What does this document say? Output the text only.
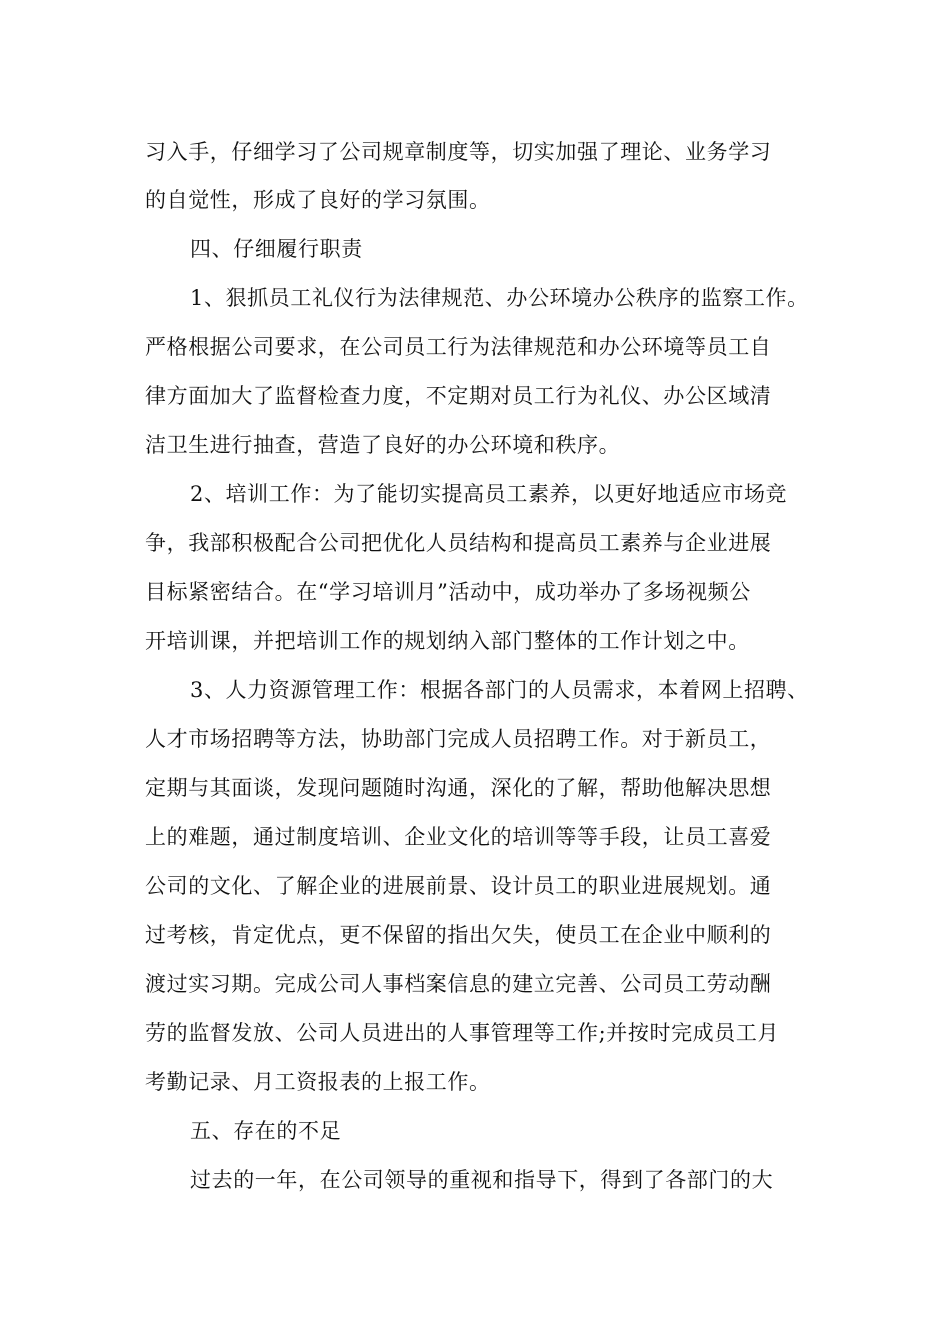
习入手，仔细学习了公司规章制度等，切实加强了理论、业务学习
的自觉性，形成了良好的学习氛围。
四、仔细履行职责
1、狠抓员工礼仪行为法律规范、办公环境办公秩序的监察工作。
严格根据公司要求，在公司员工行为法律规范和办公环境等员工自
律方面加大了监督检查力度，不定期对员工行为礼仪、办公区域清
洁卫生进行抽查，营造了良好的办公环境和秩序。
2、培训工作：为了能切实提高员工素养，以更好地适应市场竞
争，我部积极配合公司把优化人员结构和提高员工素养与企业进展
目标紧密结合。在“学习培训月”活动中，成功举办了多场视频公
开培训课，并把培训工作的规划纳入部门整体的工作计划之中。
3、人力资源管理工作：根据各部门的人员需求，本着网上招聘、
人才市场招聘等方法，协助部门完成人员招聘工作。对于新员工，
定期与其面谈，发现问题随时沟通，深化的了解，帮助他解决思想
上的难题，通过制度培训、企业文化的培训等等手段，让员工喜爱
公司的文化、了解企业的进展前景、设计员工的职业进展规划。通
过考核，肯定优点，更不保留的指出欠失，使员工在企业中顺利的
渡过实习期。完成公司人事档案信息的建立完善、公司员工劳动酬
劳的监督发放、公司人员进出的人事管理等工作;并按时完成员工月
考勤记录、月工资报表的上报工作。
五、存在的不足
过去的一年，在公司领导的重视和指导下，得到了各部门的大
